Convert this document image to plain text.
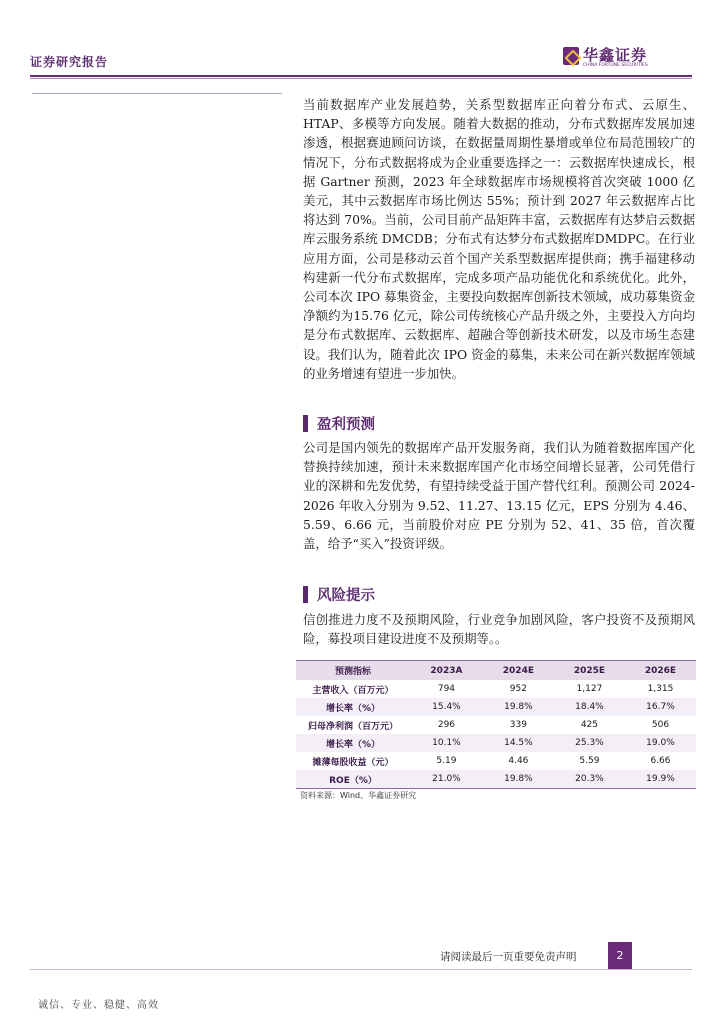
证券研究报告	华鑫证券
CHINA FORTUNE SECURITIES
当前数据库产业发展趋势，关系型数据库正向着分布式、云原生、HTAP、多模等方向发展。随着大数据的推动，分布式数据库发展加速渗透，根据赛迪顾问访谈，在数据量周期性暴增或单位布局范围较广的情况下，分布式数据将成为企业重要选择之一：云数据库快速成长，根据 Gartner 预测，2023 年全球数据库市场规模将首次突破 1000 亿美元，其中云数据库市场比例达 55%；预计到 2027 年云数据库占比将达到 70%。当前，公司目前产品矩阵丰富，云数据库有达梦启云数据库云服务系统 DMCDB；分布式有达梦分布式数据库DMDPC。在行业应用方面，公司是移动云首个国产关系型数据库提供商；携手福建移动构建新一代分布式数据库，完成多项产品功能优化和系统优化。此外，公司本次 IPO 募集资金，主要投向数据库创新技术领域，成功募集资金净额约为15.76 亿元，除公司传统核心产品升级之外，主要投入方向均是分布式数据库、云数据库、超融合等创新技术研发，以及市场生态建设。我们认为，随着此次 IPO 资金的募集，未来公司在新兴数据库领域的业务增速有望进一步加快。
盈利预测
公司是国内领先的数据库产品开发服务商，我们认为随着数据库国产化替换持续加速，预计未来数据库国产化市场空间增长显著，公司凭借行业的深耕和先发优势，有望持续受益于国产替代红利。预测公司 2024-2026 年收入分别为 9.52、11.27、13.15 亿元，EPS 分别为 4.46、5.59、6.66 元，当前股价对应 PE 分别为 52、41、35 倍，首次覆盖，给予“买入”投资评级。
风险提示
信创推进力度不及预期风险，行业竞争加剧风险，客户投资不及预期风险，募投项目建设进度不及预期等。。
预测指标	2023A	2024E	2025E	2026E
主营收入（百万元）	794	952	1,127	1,315
增长率（%）	15.4%	19.8%	18.4%	16.7%
归母净利润（百万元）	296	339	425	506
增长率（%）	10.1%	14.5%	25.3%	19.0%
摊薄每股收益（元）	5.19	4.46	5.59	6.66
ROE（%）	21.0%	19.8%	20.3%	19.9%
资料来源：Wind、华鑫证券研究
请阅读最后一页重要免责声明	2
诚信、专业、稳健、高效
